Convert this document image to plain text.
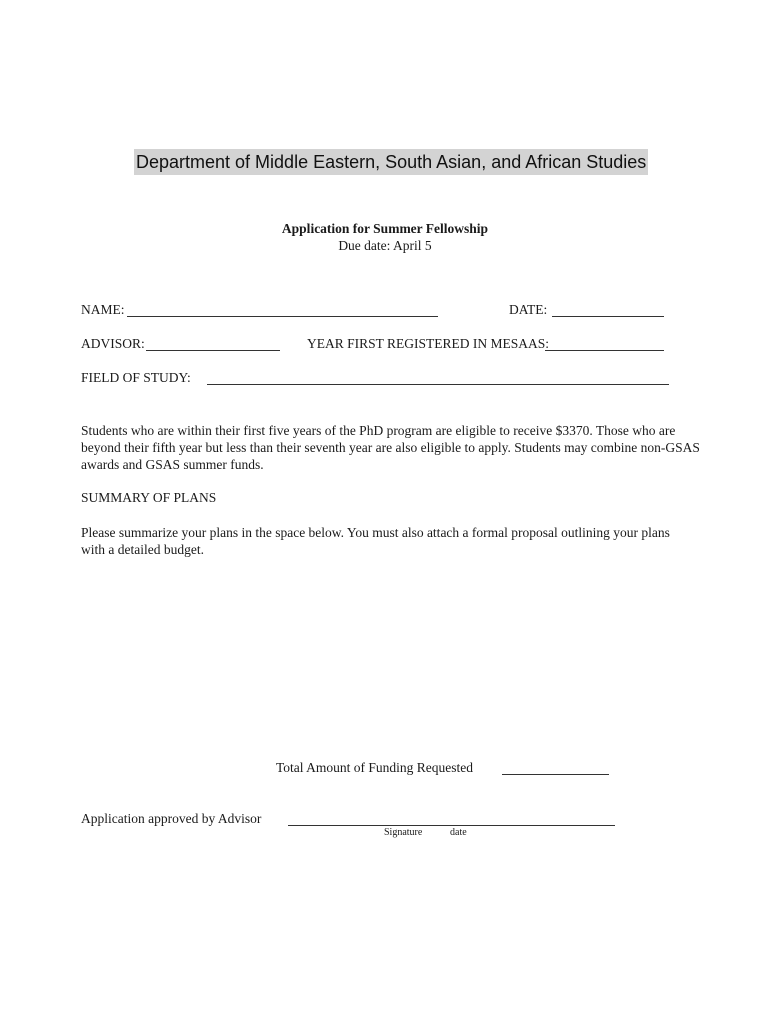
Department of Middle Eastern, South Asian, and African Studies
Application for Summer Fellowship
Due date: April 5
NAME:	DATE:
ADVISOR:	YEAR FIRST REGISTERED IN MESAAS:
FIELD OF STUDY:
Students who are within their first five years of the PhD program are eligible to receive $3370. Those who are beyond their fifth year but less than their seventh year are also eligible to apply. Students may combine non-GSAS awards and GSAS summer funds.
SUMMARY OF PLANS
Please summarize your plans in the space below. You must also attach a formal proposal outlining your plans with a detailed budget.
Total Amount of Funding Requested
Application approved by Advisor
Signature	date
